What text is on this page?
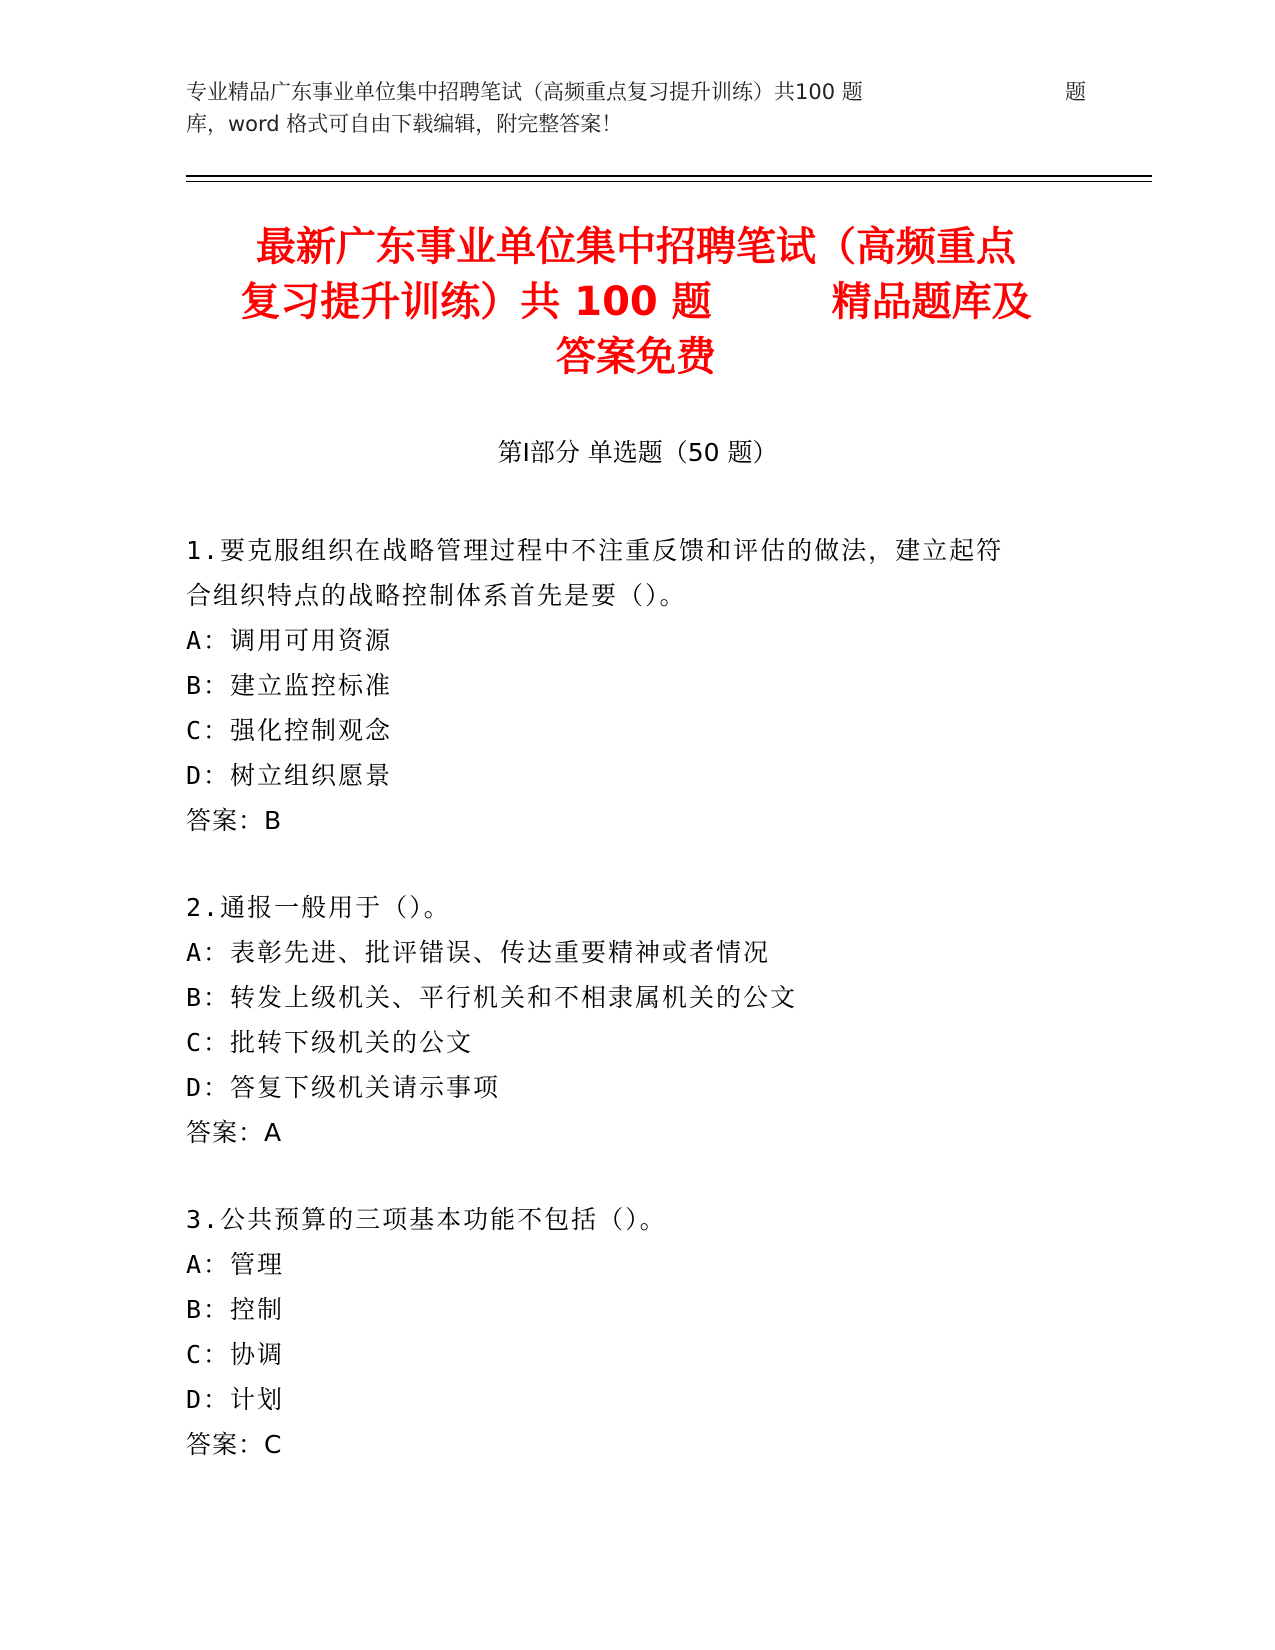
专业精品广东事业单位集中招聘笔试（高频重点复习提升训练）共100 题	题
库，word 格式可自由下载编辑，附完整答案！
最新广东事业单位集中招聘笔试（高频重点
复习提升训练）共 100 题　　　精品题库及
答案免费
第Ⅰ部分 单选题（50 题）
1.要克服组织在战略管理过程中不注重反馈和评估的做法，建立起符
合组织特点的战略控制体系首先是要（）。
A：调用可用资源
B：建立监控标准
C：强化控制观念
D：树立组织愿景
答案：B
2.通报一般用于（）。
A：表彰先进、批评错误、传达重要精神或者情况
B：转发上级机关、平行机关和不相隶属机关的公文
C：批转下级机关的公文
D：答复下级机关请示事项
答案：A
3.公共预算的三项基本功能不包括（）。
A：管理
B：控制
C：协调
D：计划
答案：C
